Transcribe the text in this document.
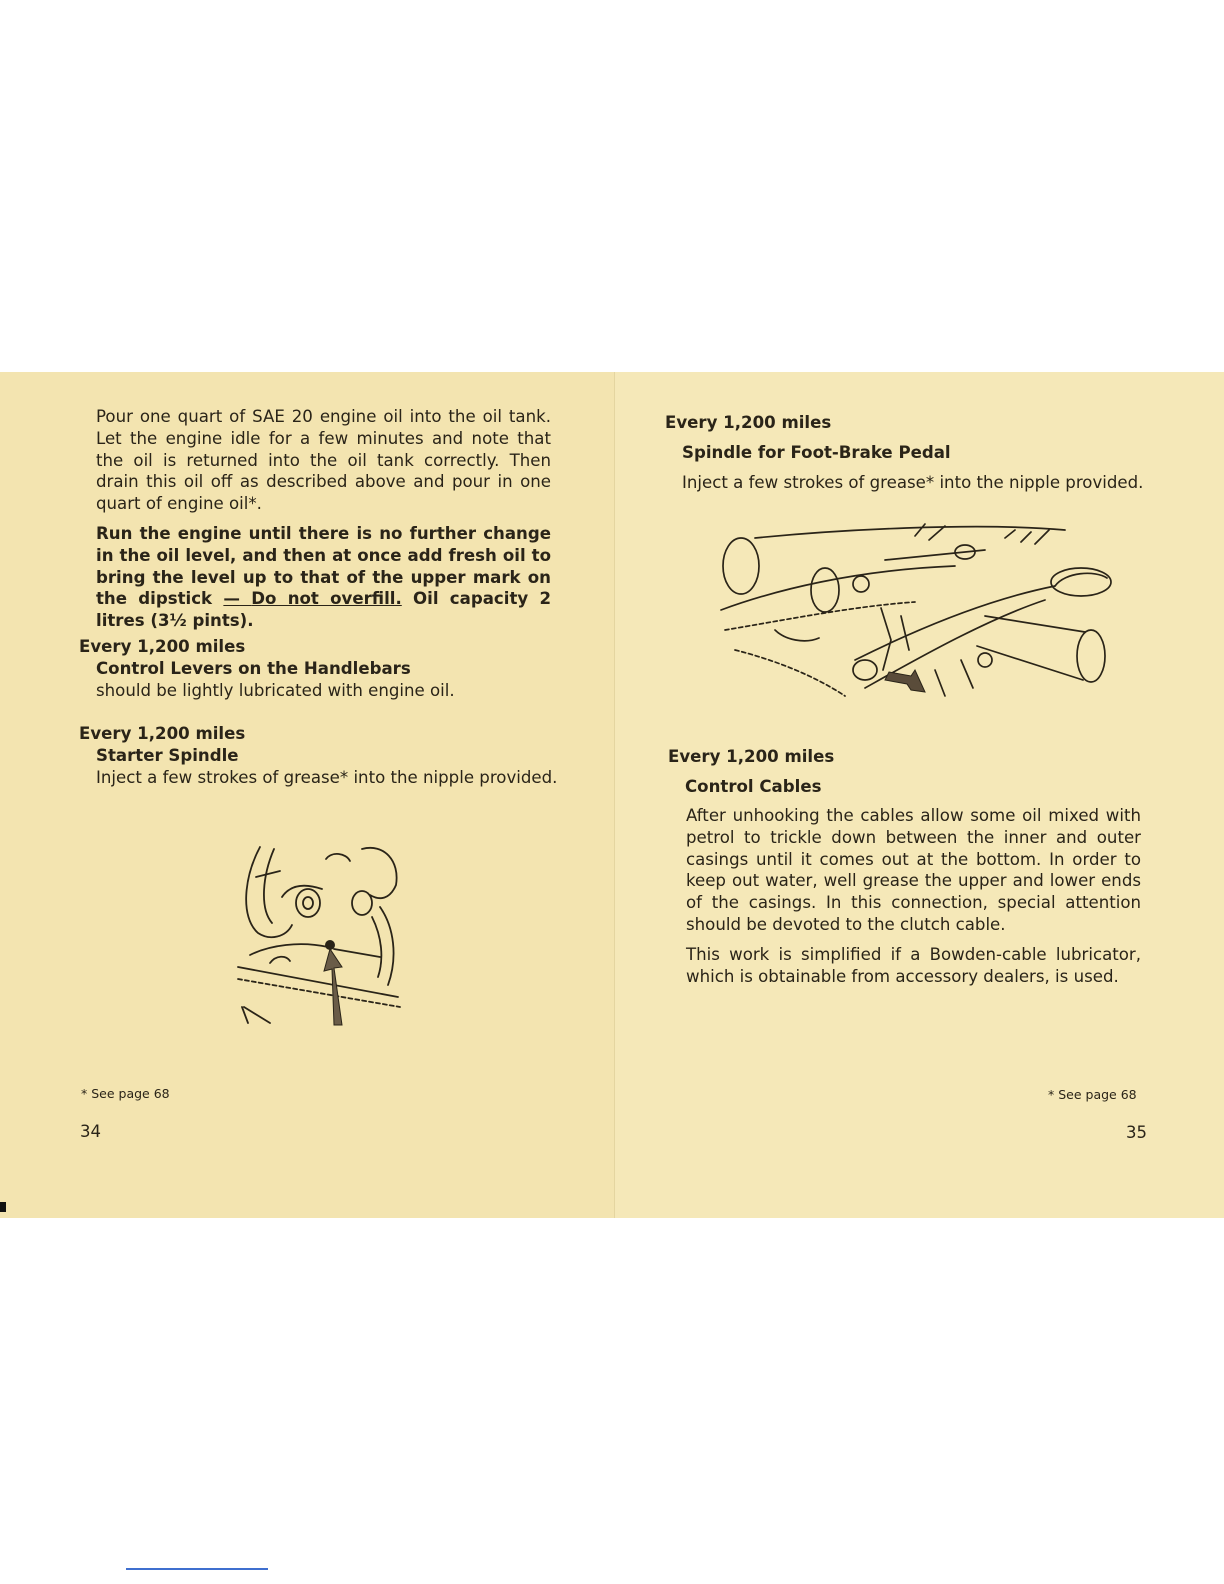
Pour one quart of SAE 20 engine oil into the oil tank. Let the engine idle for a few minutes and note that the oil is returned into the oil tank correctly. Then drain this oil off as described above and pour in one quart of engine oil*.

Run the engine until there is no further change in the oil level, and then at once add fresh oil to bring the level up to that of the upper mark on the dipstick — Do not overfill. Oil capacity 2 litres (3½ pints).

Every 1,200 miles
Control Levers on the Handlebars
should be lightly lubricated with engine oil.
Every 1,200 miles
Starter Spindle
Inject a few strokes of grease* into the nipple provided.
* See page 68
34
Every 1,200 miles
Spindle for Foot-Brake Pedal
Inject a few strokes of grease* into the nipple provided.
Every 1,200 miles
Control Cables

After unhooking the cables allow some oil mixed with petrol to trickle down between the inner and outer casings until it comes out at the bottom. In order to keep out water, well grease the upper and lower ends of the casings. In this connection, special attention should be devoted to the clutch cable.

This work is simplified if a Bowden-cable lubricator, which is obtainable from accessory dealers, is used.

* See page 68
35
